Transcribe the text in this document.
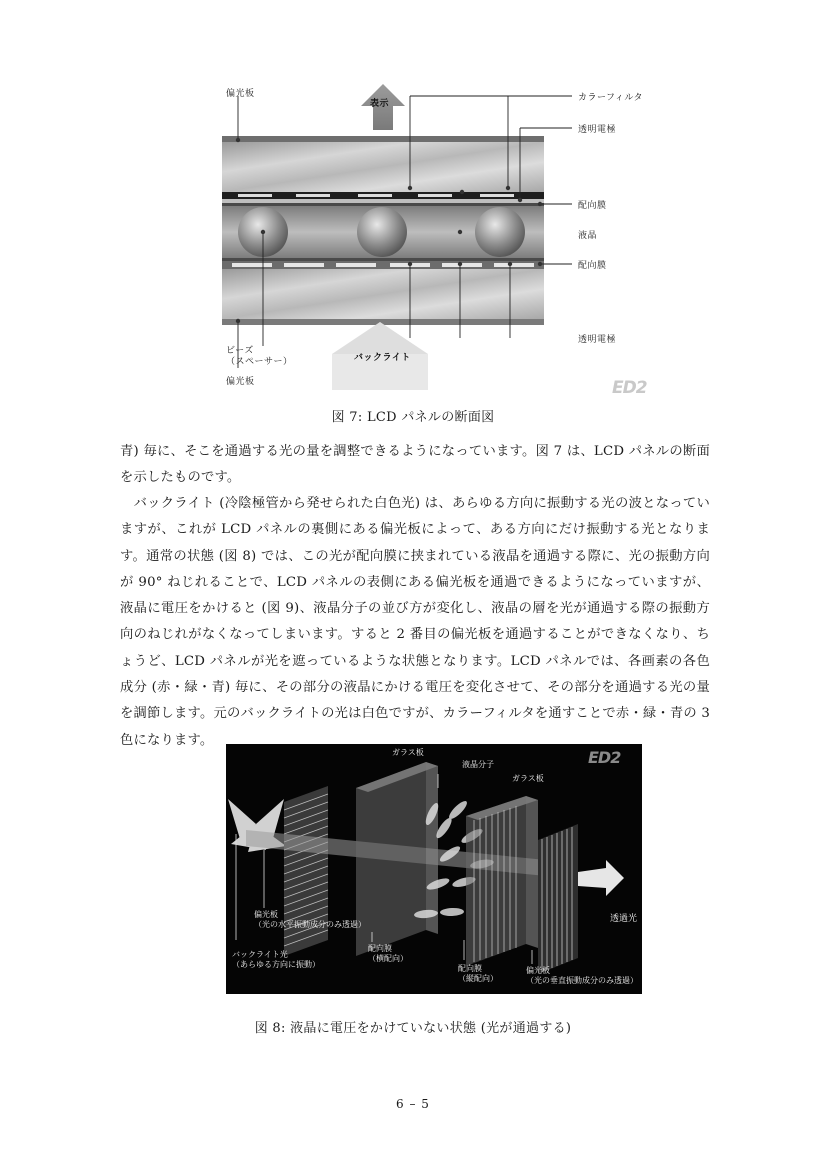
偏光板
表示
カラーフィルタ
透明電極
配向膜
液晶
配向膜
透明電極
ビーズ
（スペーサー）	バックライト
偏光板	ED2
図 7: LCD パネルの断面図

青) 毎に、そこを通過する光の量を調整できるようになっています。図 7 は、LCD パネルの断面を示したものです。

　バックライト (冷陰極管から発せられた白色光) は、あらゆる方向に振動する光の波となっていますが、これが LCD パネルの裏側にある偏光板によって、ある方向にだけ振動する光となります。通常の状態 (図 8) では、この光が配向膜に挟まれている液晶を通過する際に、光の振動方向が 90° ねじれることで、LCD パネルの表側にある偏光板を通過できるようになっていますが、液晶に電圧をかけると (図 9)、液晶分子の並び方が変化し、液晶の層を光が通過する際の振動方向のねじれがなくなってしまいます。すると 2 番目の偏光板を通過することができなくなり、ちょうど、LCD パネルが光を遮っているような状態となります。LCD パネルでは、各画素の各色成分 (赤・緑・青) 毎に、その部分の液晶にかける電圧を変化させて、その部分を通過する光の量を調節します。元のバックライトの光は白色ですが、カラーフィルタを通すことで赤・緑・青の 3 色になります。

ガラス板
液晶分子
ガラス板
ED2
偏光板
（光の水平振動成分のみ透過）
バックライト光
（あらゆる方向に振動）
配向膜
（横配向）
配向膜
（縦配向）
偏光板
（光の垂直振動成分のみ透過）
透過光
図 8: 液晶に電圧をかけていない状態 (光が通過する)
6 – 5
